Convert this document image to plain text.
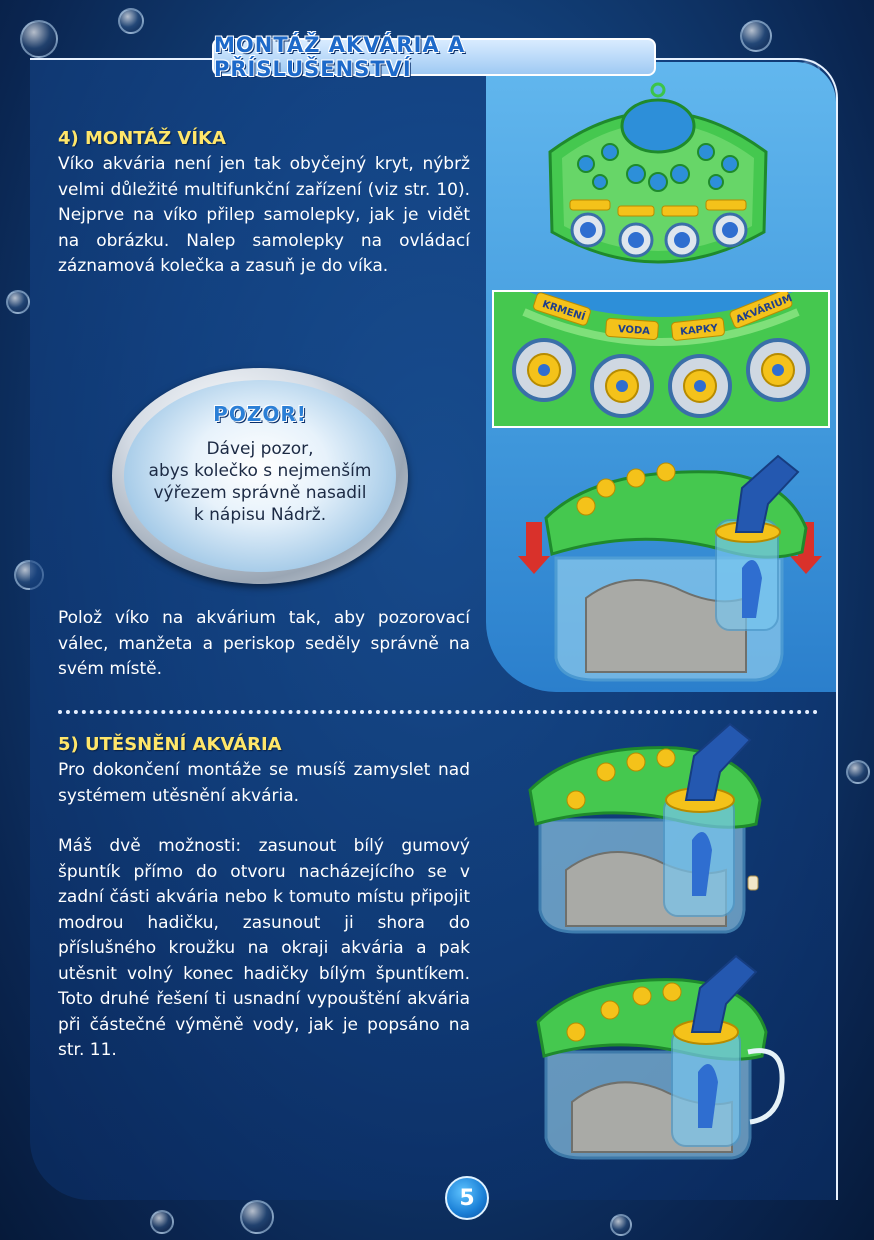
MONTÁŽ AKVÁRIA A PŘÍSLUŠENSTVÍ
4) MONTÁŽ VÍKA
Víko akvária není jen tak obyčejný kryt, nýbrž velmi důležité multifunkční zařízení (viz str. 10). Nejprve na víko přilep samolepky, jak je vidět na obrázku. Nalep samolepky na ovládací záznamová kolečka a zasuň je do víka.
POZOR!
Dávej pozor,
abys kolečko s nejmenším
výřezem správně nasadil
k nápisu Nádrž.
Polož víko na akvárium tak, aby pozorovací válec, manžeta a periskop seděly správně na svém místě.
KRMENÍ
VODA	KAPKY
AKVÁRIUM
5) UTĚSNĚNÍ AKVÁRIA
Pro dokončení montáže se musíš zamyslet nad systémem utěsnění akvária.
Máš dvě možnosti: zasunout bílý gumový špuntík přímo do otvoru nacházejícího se v zadní části akvária nebo k tomuto místu připojit modrou hadičku, zasunout ji shora do příslušného kroužku na okraji akvária a pak utěsnit volný konec hadičky bílým špuntíkem. Toto druhé řešení ti usnadní vypouštění akvária při částečné výměně vody, jak je popsáno na str. 11.
5
